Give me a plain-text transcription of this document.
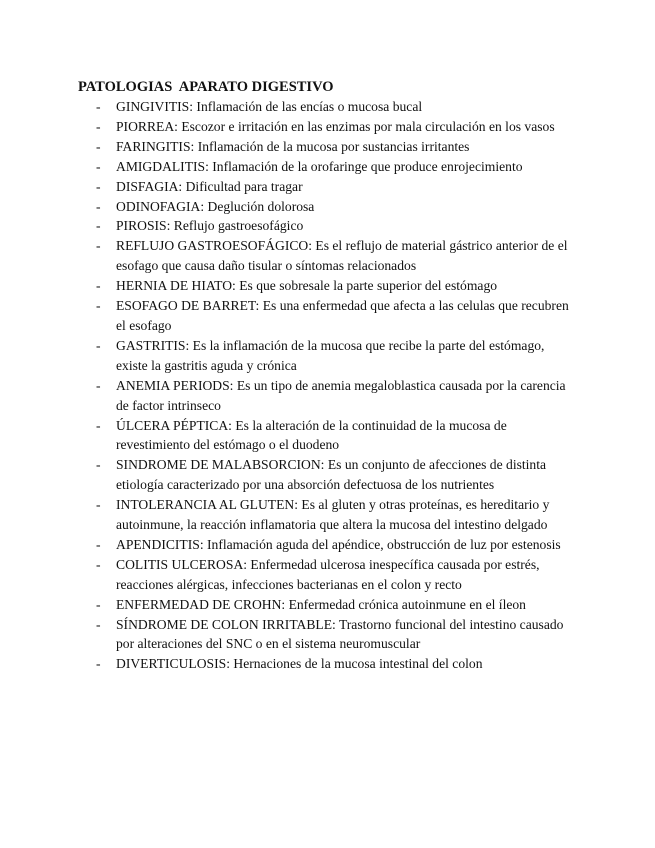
PATOLOGIAS  APARATO DIGESTIVO
- GINGIVITIS: Inflamación de las encías o mucosa bucal
- PIORREA: Escozor e irritación en las enzimas por mala circulación en los vasos
- FARINGITIS: Inflamación de la mucosa por sustancias irritantes
- AMIGDALITIS: Inflamación de la orofaringe que produce enrojecimiento
- DISFAGIA: Dificultad para tragar
- ODINOFAGIA: Deglución dolorosa
- PIROSIS: Reflujo gastroesofágico
- REFLUJO GASTROESOFÁGICO: Es el reflujo de material gástrico anterior de el esofago que causa daño tisular o síntomas relacionados
- HERNIA DE HIATO: Es que sobresale la parte superior del estómago
- ESOFAGO DE BARRET: Es una enfermedad que afecta a las celulas que recubren el esofago
- GASTRITIS: Es la inflamación de la mucosa que recibe la parte del estómago, existe la gastritis aguda y crónica
- ANEMIA PERIODS: Es un tipo de anemia megaloblastica causada por la carencia de factor intrinseco
- ÚLCERA PÉPTICA: Es la alteración de la continuidad de la mucosa de revestimiento del estómago o el duodeno
- SINDROME DE MALABSORCION: Es un conjunto de afecciones de distinta etiología caracterizado por una absorción defectuosa de los nutrientes
- INTOLERANCIA AL GLUTEN: Es al gluten y otras proteínas, es hereditario y autoinmune, la reacción inflamatoria que altera la mucosa del intestino delgado
- APENDICITIS: Inflamación aguda del apéndice, obstrucción de luz por estenosis
- COLITIS ULCEROSA: Enfermedad ulcerosa inespecífica causada por estrés, reacciones alérgicas, infecciones bacterianas en el colon y recto
- ENFERMEDAD DE CROHN: Enfermedad crónica autoinmune en el íleon
- SÍNDROME DE COLON IRRITABLE: Trastorno funcional del intestino causado por alteraciones del SNC o en el sistema neuromuscular
- DIVERTICULOSIS: Hernaciones de la mucosa intestinal del colon
